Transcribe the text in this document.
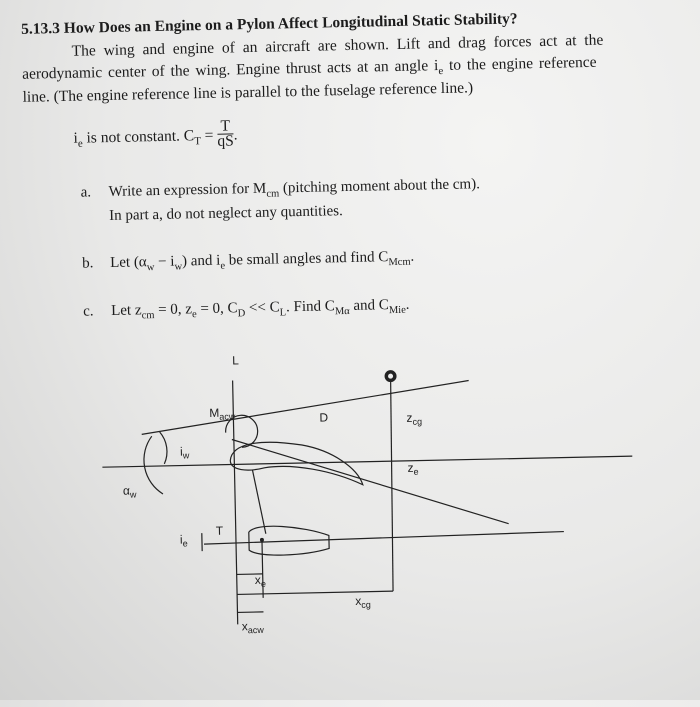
5.13.3 How Does an Engine on a Pylon Affect Longitudinal Static Stability?
The wing and engine of an aircraft are shown. Lift and drag forces act at the
aerodynamic center of the wing. Engine thrust acts at an angle $i_e$ to the engine reference
line. (The engine reference line is parallel to the fuselage reference line.)
$i_e$ is not constant. $C_T = \frac{T}{qS}$ .
a. Write an expression for $M_{cm}$ (pitching moment about the cm).
In part a, do not neglect any quantities.
b. Let $(\alpha_w - i_w)$ and $i_e$ be small angles and find $C_{Mcm}$.
c. Let $z_{cm} = 0$, $z_e = 0$, $C_D << C_L$. Find $C_{M\alpha}$ and $C_{Mie}$.
L
$M_{acw}$	D	$z_{cg}$
$z_e$
$i_w$
$\alpha_w$
$i_e$
T
$x_e$
$x_{cg}$
$x_{acw}$
